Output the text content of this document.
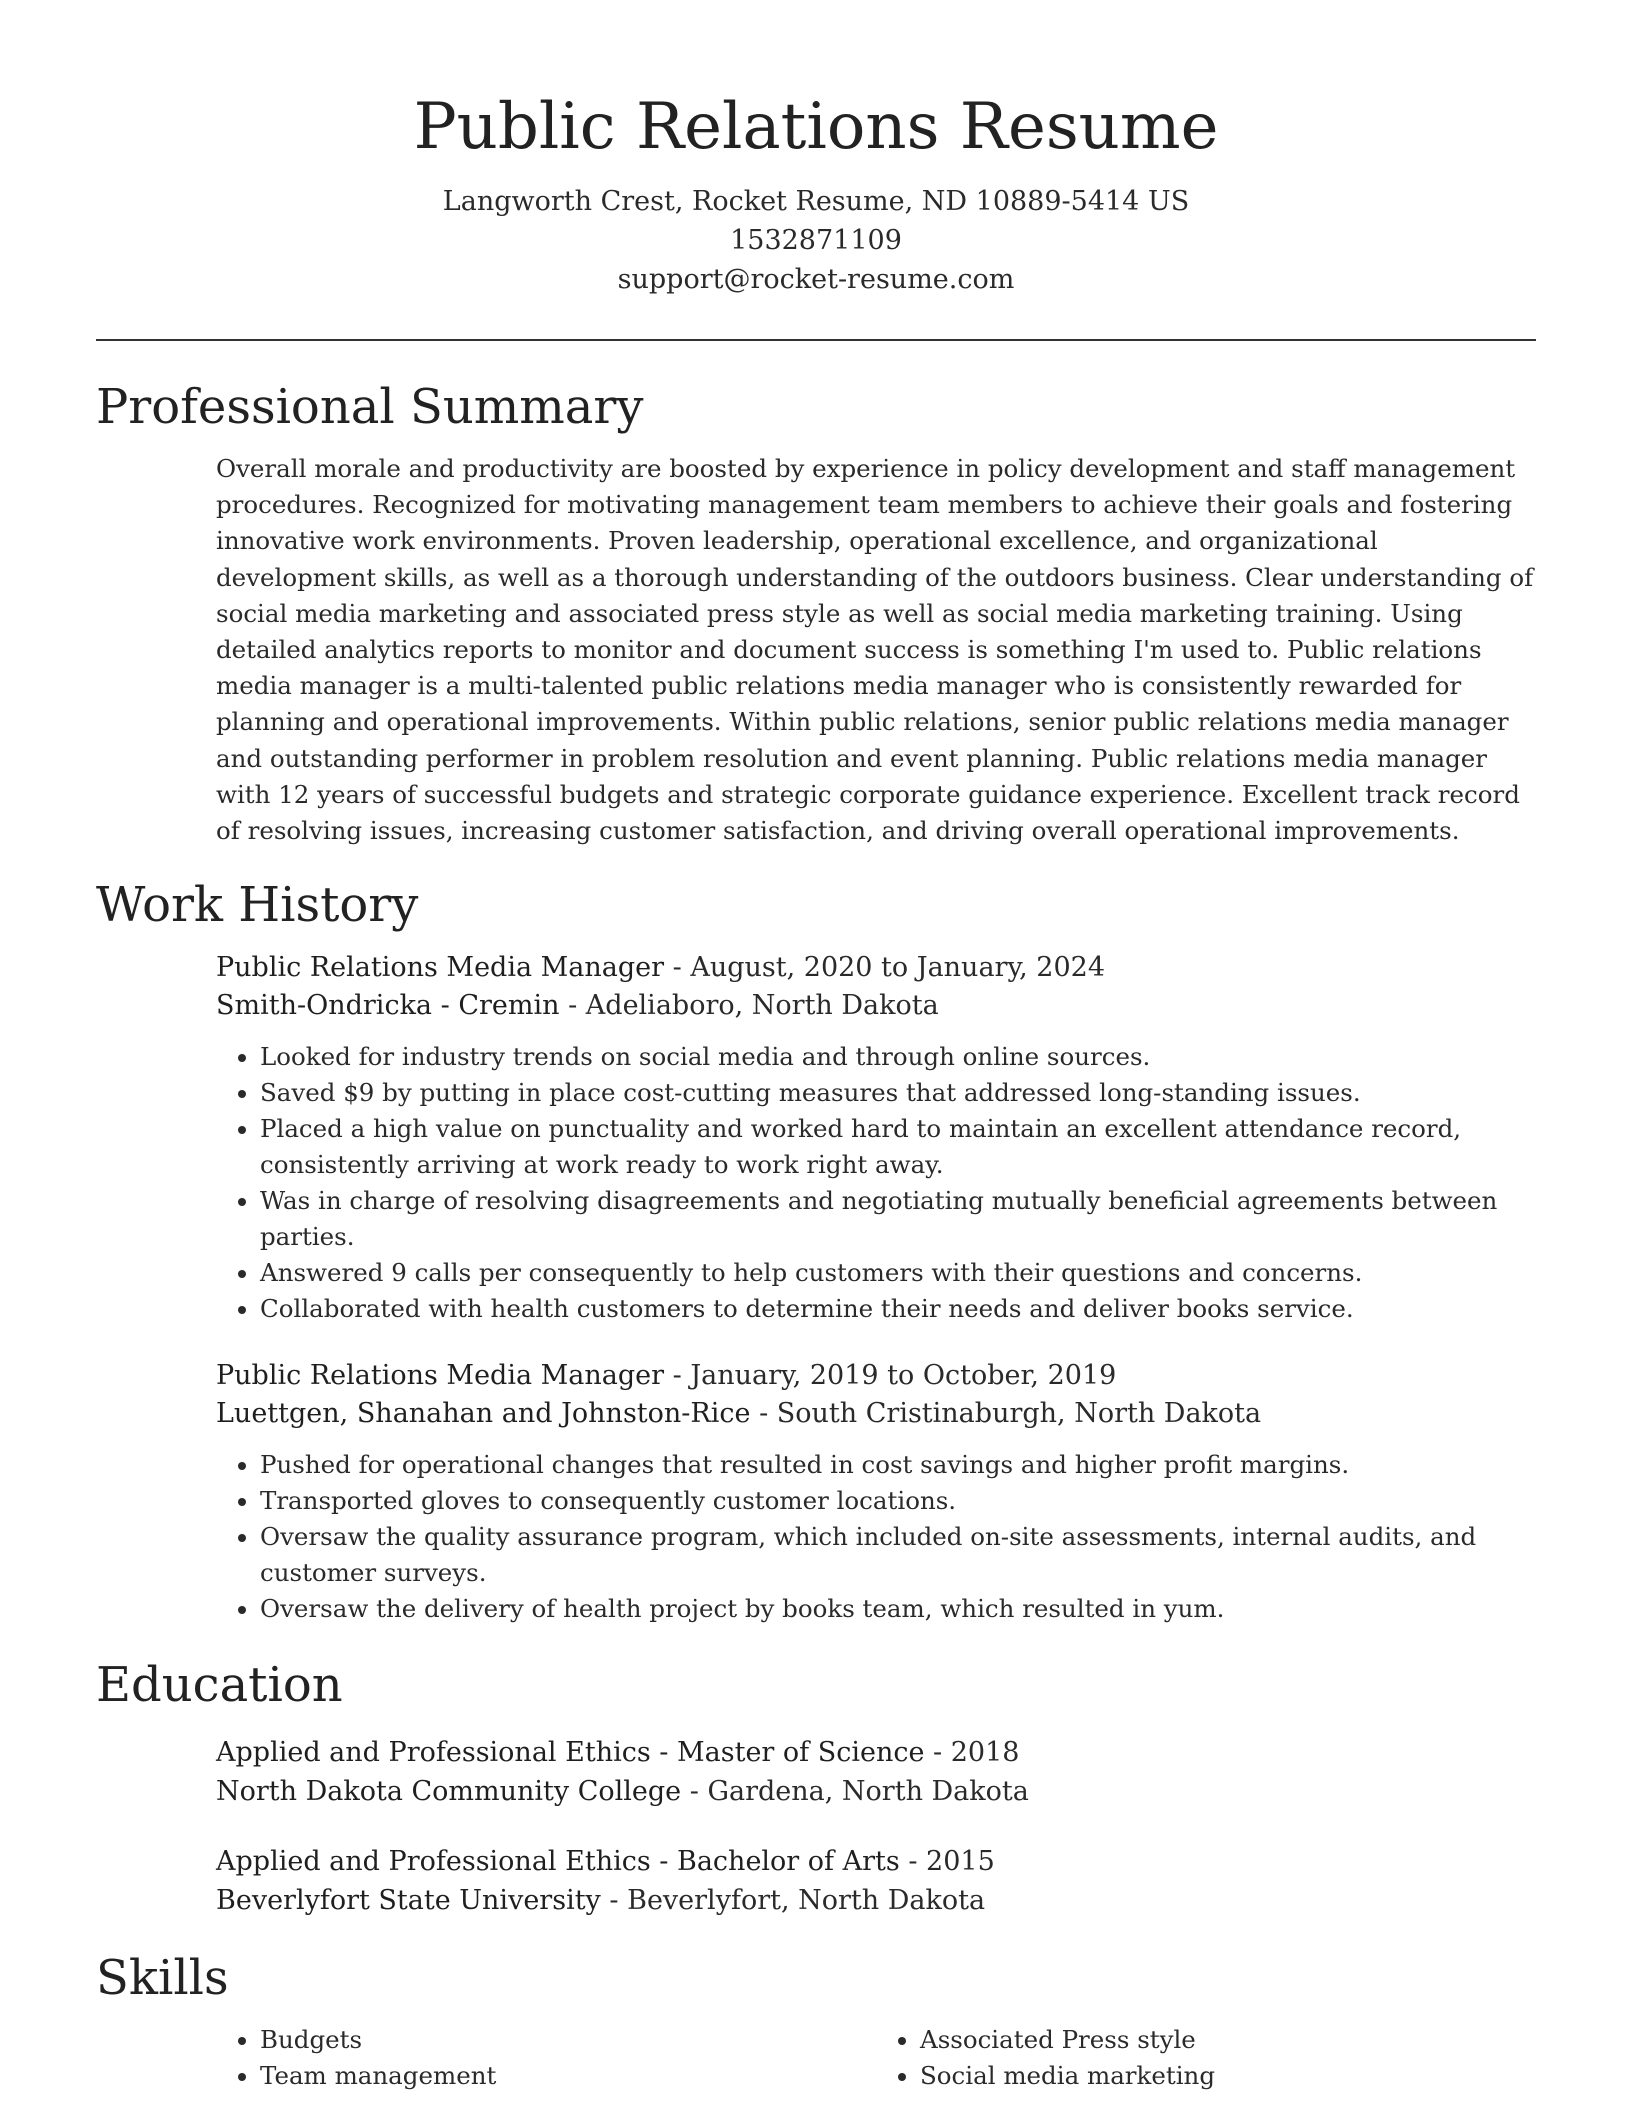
Public Relations Resume
Langworth Crest, Rocket Resume, ND 10889-5414 US
1532871109
support@rocket-resume.com
Professional Summary
Overall morale and productivity are boosted by experience in policy development and staff management procedures. Recognized for motivating management team members to achieve their goals and fostering innovative work environments. Proven leadership, operational excellence, and organizational development skills, as well as a thorough understanding of the outdoors business. Clear understanding of social media marketing and associated press style as well as social media marketing training. Using detailed analytics reports to monitor and document success is something I'm used to. Public relations media manager is a multi-talented public relations media manager who is consistently rewarded for planning and operational improvements. Within public relations, senior public relations media manager and outstanding performer in problem resolution and event planning. Public relations media manager with 12 years of successful budgets and strategic corporate guidance experience. Excellent track record of resolving issues, increasing customer satisfaction, and driving overall operational improvements.
Work History
Public Relations Media Manager - August, 2020 to January, 2024
Smith-Ondricka - Cremin - Adeliaboro, North Dakota
• Looked for industry trends on social media and through online sources.
• Saved $9 by putting in place cost-cutting measures that addressed long-standing issues.
• Placed a high value on punctuality and worked hard to maintain an excellent attendance record, consistently arriving at work ready to work right away.
• Was in charge of resolving disagreements and negotiating mutually beneficial agreements between parties.
• Answered 9 calls per consequently to help customers with their questions and concerns.
• Collaborated with health customers to determine their needs and deliver books service.
Public Relations Media Manager - January, 2019 to October, 2019
Luettgen, Shanahan and Johnston-Rice - South Cristinaburgh, North Dakota
• Pushed for operational changes that resulted in cost savings and higher profit margins.
• Transported gloves to consequently customer locations.
• Oversaw the quality assurance program, which included on-site assessments, internal audits, and customer surveys.
• Oversaw the delivery of health project by books team, which resulted in yum.
Education
Applied and Professional Ethics - Master of Science - 2018
North Dakota Community College - Gardena, North Dakota
Applied and Professional Ethics - Bachelor of Arts - 2015
Beverlyfort State University - Beverlyfort, North Dakota
Skills
• Budgets
• Team management
• Associated Press style
• Social media marketing
